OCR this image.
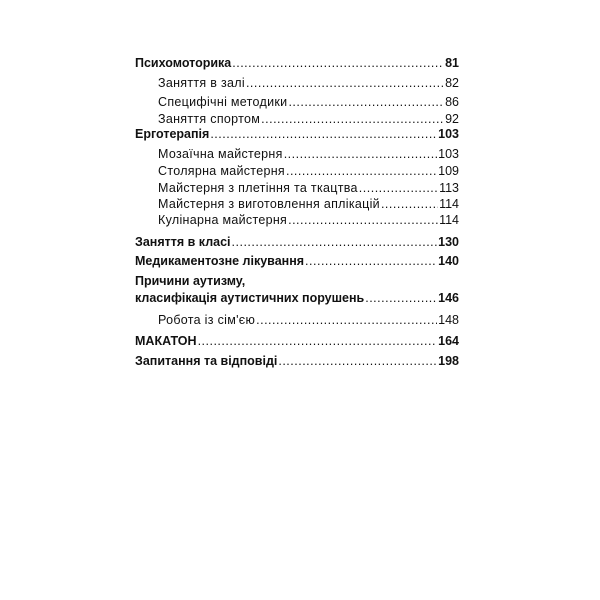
Психомоторика .....	81
Заняття в залі .....	82
Специфічні методики .....	86
Заняття спортом .....	92
Ерготерапія .....	103
Мозаїчна майстерня .....	103
Столярна майстерня .....	109
Майстерня з плетіння та ткацтва .....	113
Майстерня з виготовлення аплікацій .....	114
Кулінарна майстерня .....	114
Заняття в класі .....	130
Медикаментозне лікування .....	140
Причини аутизму,
класифікація аутистичних порушень .....	146
Робота із сім'єю .....	148
МАКАТОН .....	164
Запитання та відповіді .....	198
